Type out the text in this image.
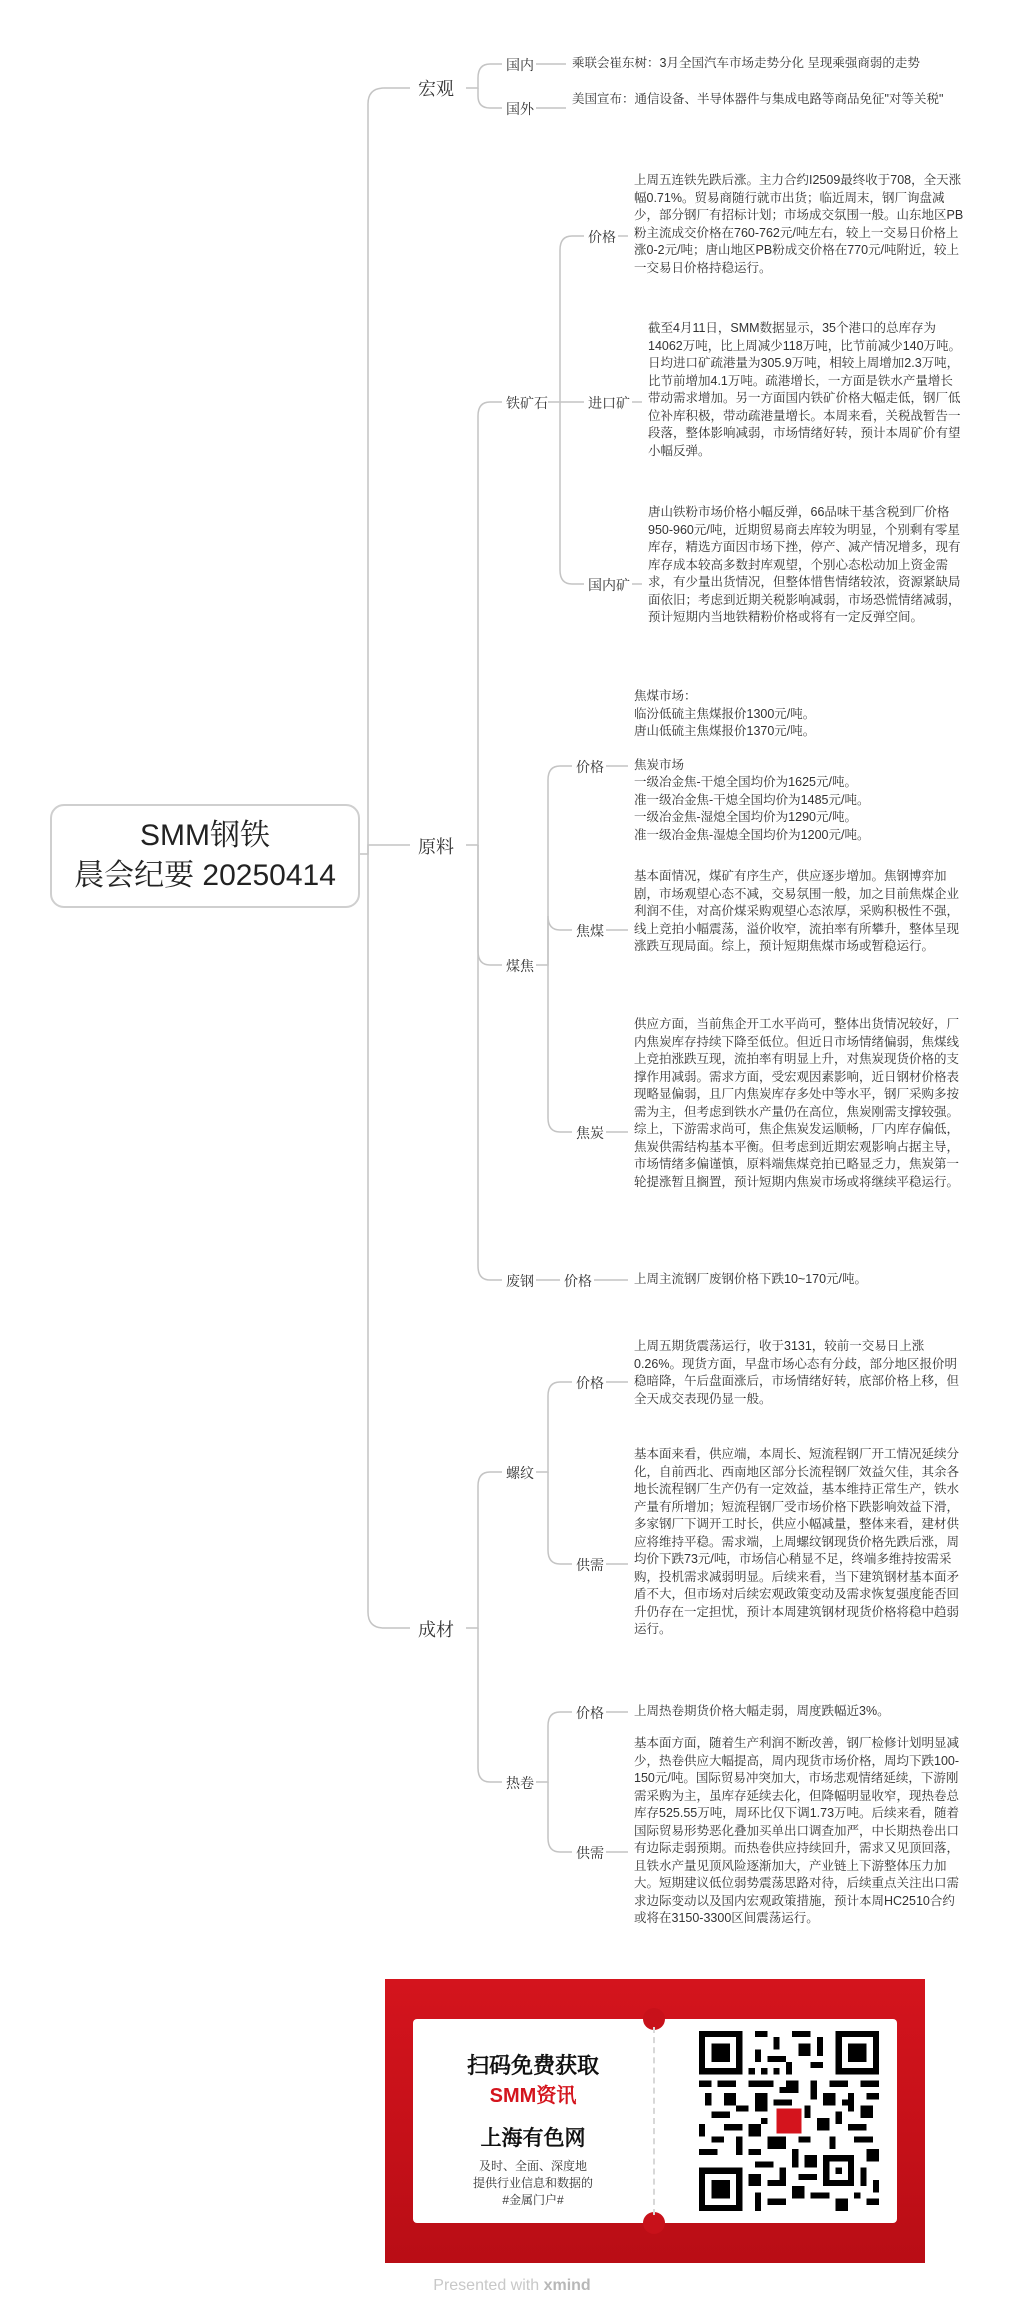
SMM钢铁
晨会纪要 20250414
宏观
国内	乘联会崔东树：3月全国汽车市场走势分化 呈现乘强商弱的走势
国外
美国宣布：通信设备、半导体器件与集成电路等商品免征"对等关税"
原料
铁矿石
价格
上周五连铁先跌后涨。主力合约I2509最终收于708，全天涨幅0.71%。贸易商随行就市出货；临近周末，钢厂询盘减少，部分钢厂有招标计划；市场成交氛围一般。山东地区PB粉主流成交价格在760-762元/吨左右，较上一交易日价格上涨0-2元/吨；唐山地区PB粉成交价格在770元/吨附近，较上一交易日价格持稳运行。
进口矿
截至4月11日，SMM数据显示，35个港口的总库存为14062万吨，比上周减少118万吨，比节前减少140万吨。日均进口矿疏港量为305.9万吨，相较上周增加2.3万吨，比节前增加4.1万吨。疏港增长，一方面是铁水产量增长带动需求增加。另一方面国内铁矿价格大幅走低，钢厂低位补库积极，带动疏港量增长。本周来看，关税战暂告一段落，整体影响减弱，市场情绪好转，预计本周矿价有望小幅反弹。
国内矿
唐山铁粉市场价格小幅反弹，66品味干基含税到厂价格950-960元/吨，近期贸易商去库较为明显，个别剩有零星库存，精选方面因市场下挫，停产、减产情况增多，现有库存成本较高多数封库观望，个别心态松动加上资金需求，有少量出货情况，但整体惜售情绪较浓，资源紧缺局面依旧；考虑到近期关税影响减弱，市场恐慌情绪减弱，预计短期内当地铁精粉价格或将有一定反弹空间。
煤焦
价格

焦煤市场：

临汾低硫主焦煤报价1300元/吨。

唐山低硫主焦煤报价1370元/吨。

焦炭市场

一级冶金焦-干熄全国均价为1625元/吨。

准一级冶金焦-干熄全国均价为1485元/吨。

一级冶金焦-湿熄全国均价为1290元/吨。

准一级冶金焦-湿熄全国均价为1200元/吨。

焦煤
基本面情况，煤矿有序生产，供应逐步增加。焦钢博弈加剧，市场观望心态不减，交易氛围一般，加之目前焦煤企业利润不佳，对高价煤采购观望心态浓厚，采购积极性不强，线上竞拍小幅震荡，溢价收窄，流拍率有所攀升，整体呈现涨跌互现局面。综上，预计短期焦煤市场或暂稳运行。
焦炭
供应方面，当前焦企开工水平尚可，整体出货情况较好，厂内焦炭库存持续下降至低位。但近日市场情绪偏弱，焦煤线上竞拍涨跌互现，流拍率有明显上升，对焦炭现货价格的支撑作用减弱。需求方面，受宏观因素影响，近日钢材价格表现略显偏弱，且厂内焦炭库存多处中等水平，钢厂采购多按需为主，但考虑到铁水产量仍在高位，焦炭刚需支撑较强。综上，下游需求尚可，焦企焦炭发运顺畅，厂内库存偏低，焦炭供需结构基本平衡。但考虑到近期宏观影响占据主导，市场情绪多偏谨慎，原料端焦煤竞拍已略显乏力，焦炭第一轮提涨暂且搁置，预计短期内焦炭市场或将继续平稳运行。
废钢 价格	上周主流钢厂废钢价格下跌10~170元/吨。
成材
螺纹
价格
上周五期货震荡运行，收于3131，较前一交易日上涨0.26%。现货方面，早盘市场心态有分歧，部分地区报价明稳暗降，午后盘面涨后，市场情绪好转，底部价格上移，但全天成交表现仍显一般。
供需
基本面来看，供应端，本周长、短流程钢厂开工情况延续分化，自前西北、西南地区部分长流程钢厂效益欠佳，其余各地长流程钢厂生产仍有一定效益，基本维持正常生产，铁水产量有所增加；短流程钢厂受市场价格下跌影响效益下滑，多家钢厂下调开工时长，供应小幅减量，整体来看，建材供应将维持平稳。需求端，上周螺纹钢现货价格先跌后涨，周均价下跌73元/吨，市场信心稍显不足，终端多维持按需采购，投机需求减弱明显。后续来看，当下建筑钢材基本面矛盾不大，但市场对后续宏观政策变动及需求恢复强度能否回升仍存在一定担忧，预计本周建筑钢材现货价格将稳中趋弱运行。
热卷
价格 上周热卷期货价格大幅走弱，周度跌幅近3%。
供需
基本面方面，随着生产利润不断改善，钢厂检修计划明显减少，热卷供应大幅提高，周内现货市场价格，周均下跌100-150元/吨。国际贸易冲突加大，市场悲观情绪延续，下游刚需采购为主，虽库存延续去化，但降幅明显收窄，现热卷总库存525.55万吨，周环比仅下调1.73万吨。后续来看，随着国际贸易形势恶化叠加买单出口调查加严，中长期热卷出口有边际走弱预期。而热卷供应持续回升，需求又见顶回落，且铁水产量见顶风险逐渐加大，产业链上下游整体压力加大。短期建议低位弱势震荡思路对待，后续重点关注出口需求边际变动以及国内宏观政策措施，预计本周HC2510合约或将在3150-3300区间震荡运行。
扫码免费获取
SMM资讯
上海有色网
及时、全面、深度地
提供行业信息和数据的
#金属门户#
Presented with xmind
